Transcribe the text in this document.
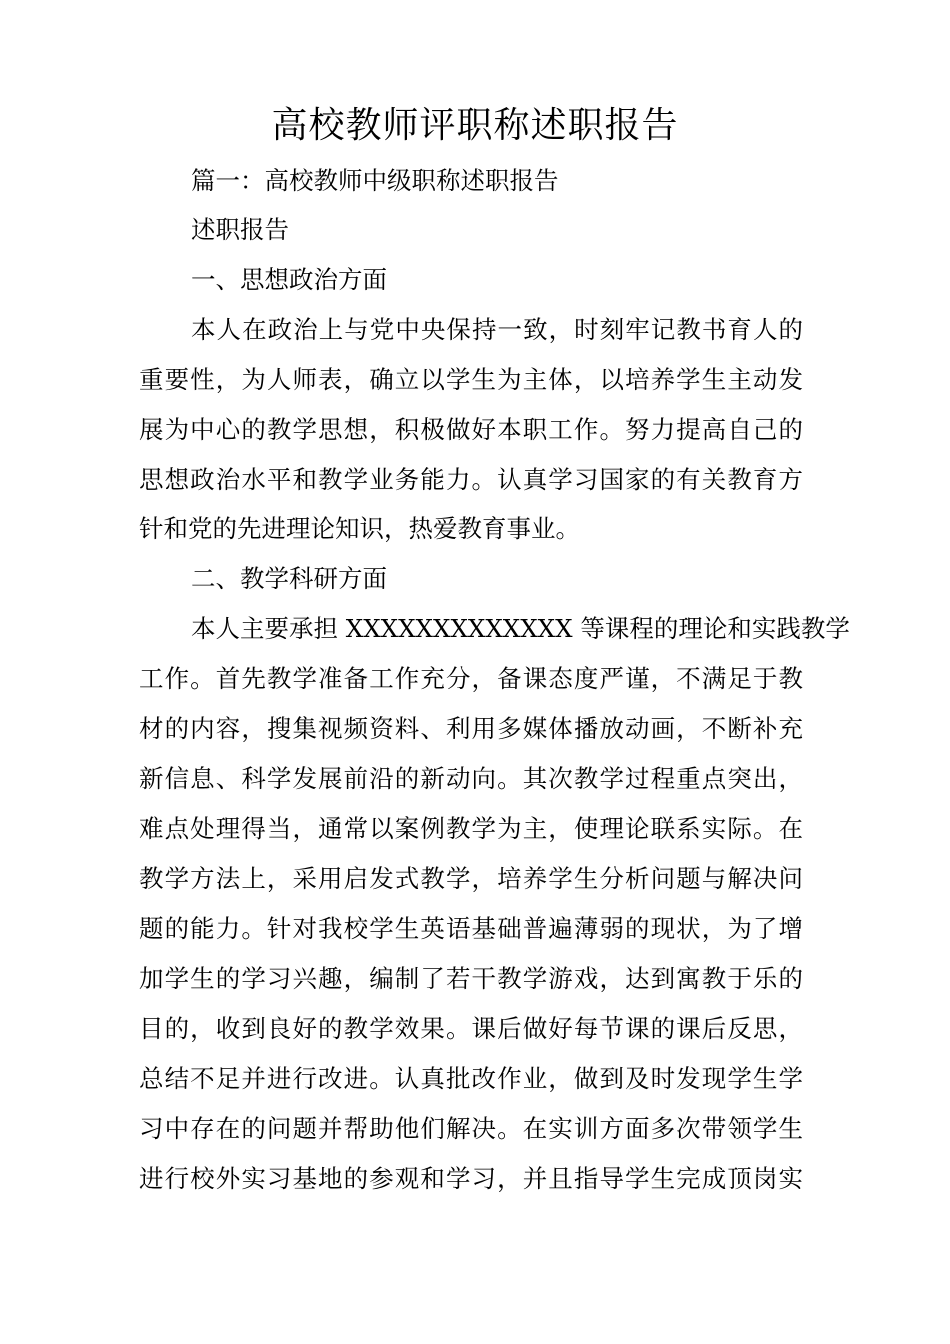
高校教师评职称述职报告
篇一：高校教师中级职称述职报告
述职报告
一、思想政治方面
本人在政治上与党中央保持一致，时刻牢记教书育人的
重要性，为人师表，确立以学生为主体，以培养学生主动发
展为中心的教学思想，积极做好本职工作。努力提高自己的
思想政治水平和教学业务能力。认真学习国家的有关教育方
针和党的先进理论知识，热爱教育事业。
二、教学科研方面
本人主要承担 XXXXXXXXXXXXX 等课程的理论和实践教学
工作。首先教学准备工作充分，备课态度严谨，不满足于教
材的内容，搜集视频资料、利用多媒体播放动画，不断补充
新信息、科学发展前沿的新动向。其次教学过程重点突出，
难点处理得当，通常以案例教学为主，使理论联系实际。在
教学方法上，采用启发式教学，培养学生分析问题与解决问
题的能力。针对我校学生英语基础普遍薄弱的现状，为了增
加学生的学习兴趣，编制了若干教学游戏，达到寓教于乐的
目的，收到良好的教学效果。课后做好每节课的课后反思，
总结不足并进行改进。认真批改作业，做到及时发现学生学
习中存在的问题并帮助他们解决。在实训方面多次带领学生
进行校外实习基地的参观和学习，并且指导学生完成顶岗实
